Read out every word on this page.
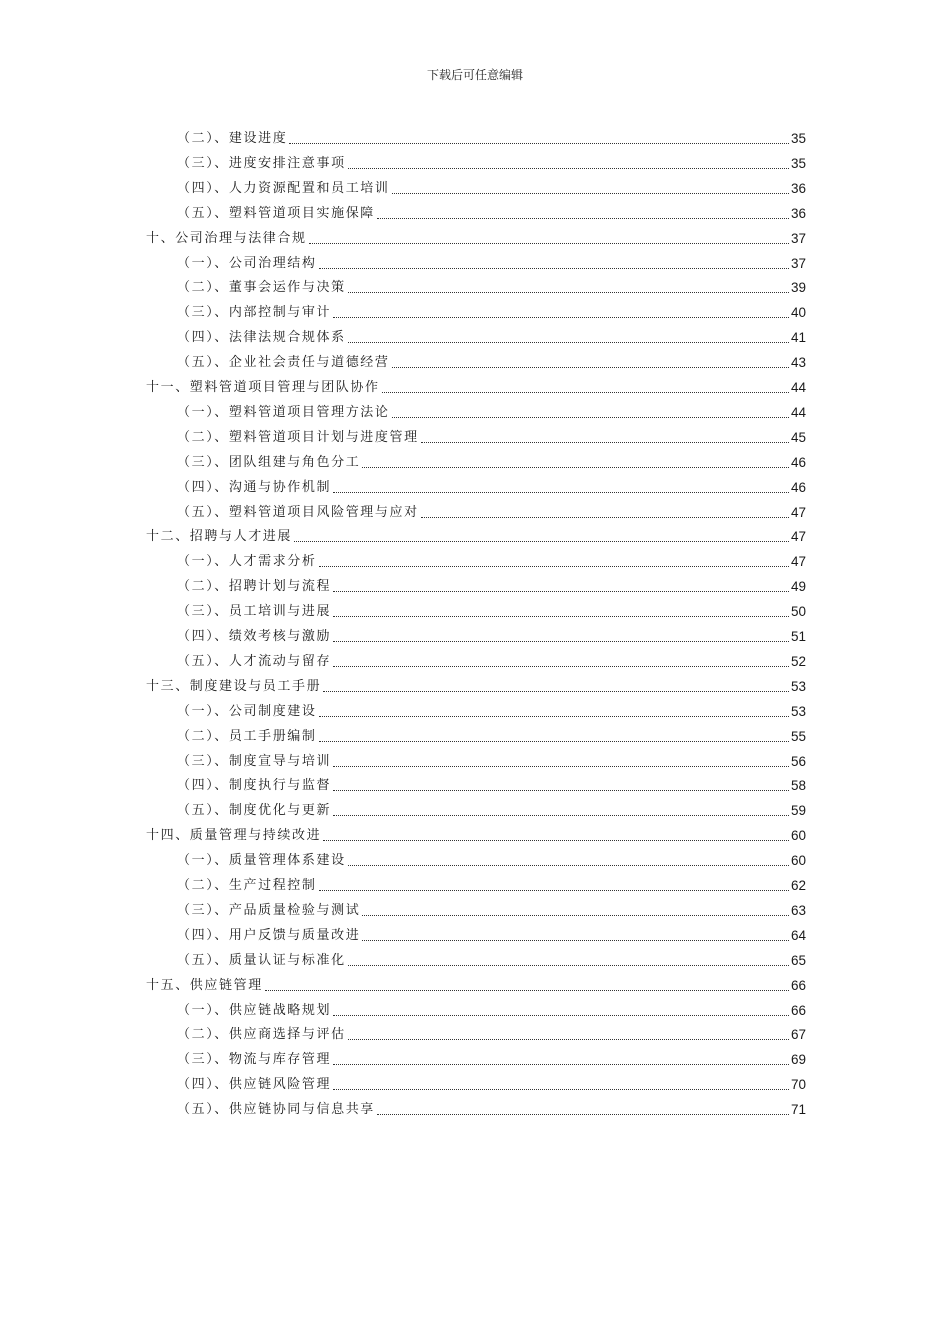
下载后可任意编辑
（二）、建设进度	35
（三）、进度安排注意事项	35
（四）、人力资源配置和员工培训	36
（五）、塑料管道项目实施保障	36
十、公司治理与法律合规	37
（一）、公司治理结构	37
（二）、董事会运作与决策	39
（三）、内部控制与审计	40
（四）、法律法规合规体系	41
（五）、企业社会责任与道德经营	43
十一、塑料管道项目管理与团队协作	44
（一）、塑料管道项目管理方法论	44
（二）、塑料管道项目计划与进度管理	45
（三）、团队组建与角色分工	46
（四）、沟通与协作机制	46
（五）、塑料管道项目风险管理与应对	47
十二、招聘与人才进展	47
（一）、人才需求分析	47
（二）、招聘计划与流程	49
（三）、员工培训与进展	50
（四）、绩效考核与激励	51
（五）、人才流动与留存	52
十三、制度建设与员工手册	53
（一）、公司制度建设	53
（二）、员工手册编制	55
（三）、制度宣导与培训	56
（四）、制度执行与监督	58
（五）、制度优化与更新	59
十四、质量管理与持续改进	60
（一）、质量管理体系建设	60
（二）、生产过程控制	62
（三）、产品质量检验与测试	63
（四）、用户反馈与质量改进	64
（五）、质量认证与标准化	65
十五、供应链管理	66
（一）、供应链战略规划	66
（二）、供应商选择与评估	67
（三）、物流与库存管理	69
（四）、供应链风险管理	70
（五）、供应链协同与信息共享	71
